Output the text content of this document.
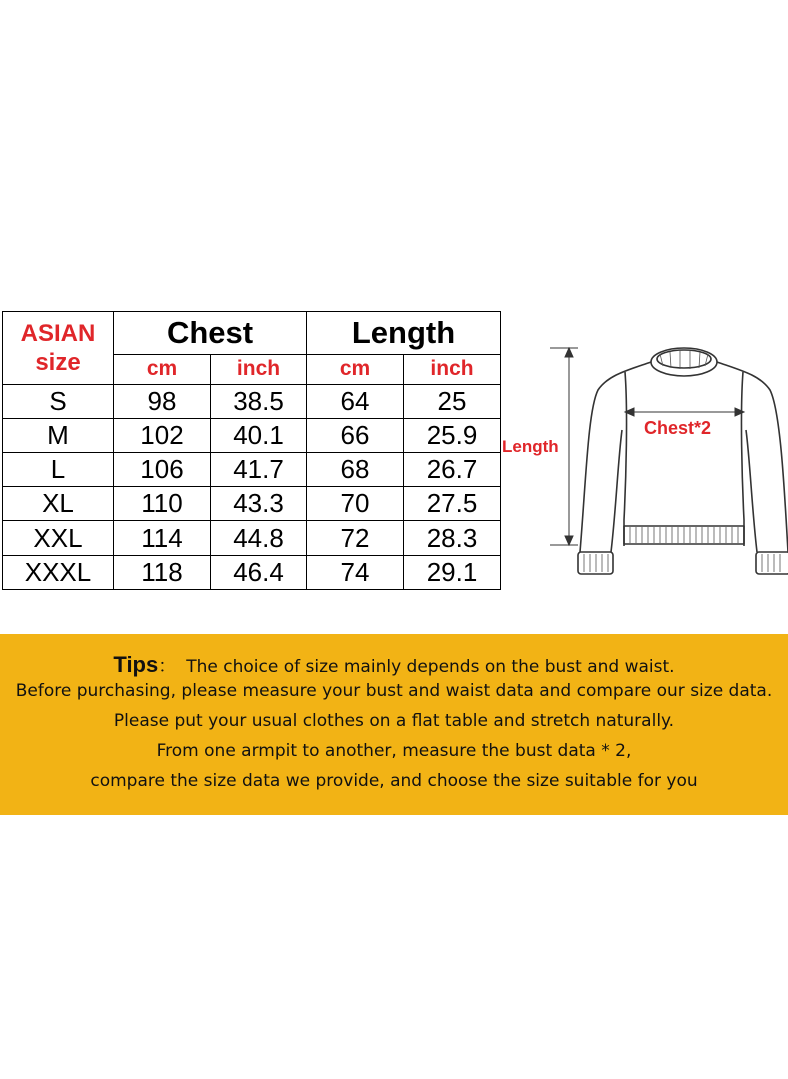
ASIAN
size	Chest		Length	
	cm	inch	cm	inch
S	98	38.5	64	25
M	102	40.1	66	25.9
L	106	41.7	68	26.7
XL	110	43.3	70	27.5
XXL	114	44.8	72	28.3
XXXL	118	46.4	74	29.1
Length
Chest*2
Tips： The choice of size mainly depends on the bust and waist.
Before purchasing, please measure your bust and waist data and compare our size data.
Please put your usual clothes on a flat table and stretch naturally.
From one armpit to another, measure the bust data * 2,
compare the size data we provide, and choose the size suitable for you
